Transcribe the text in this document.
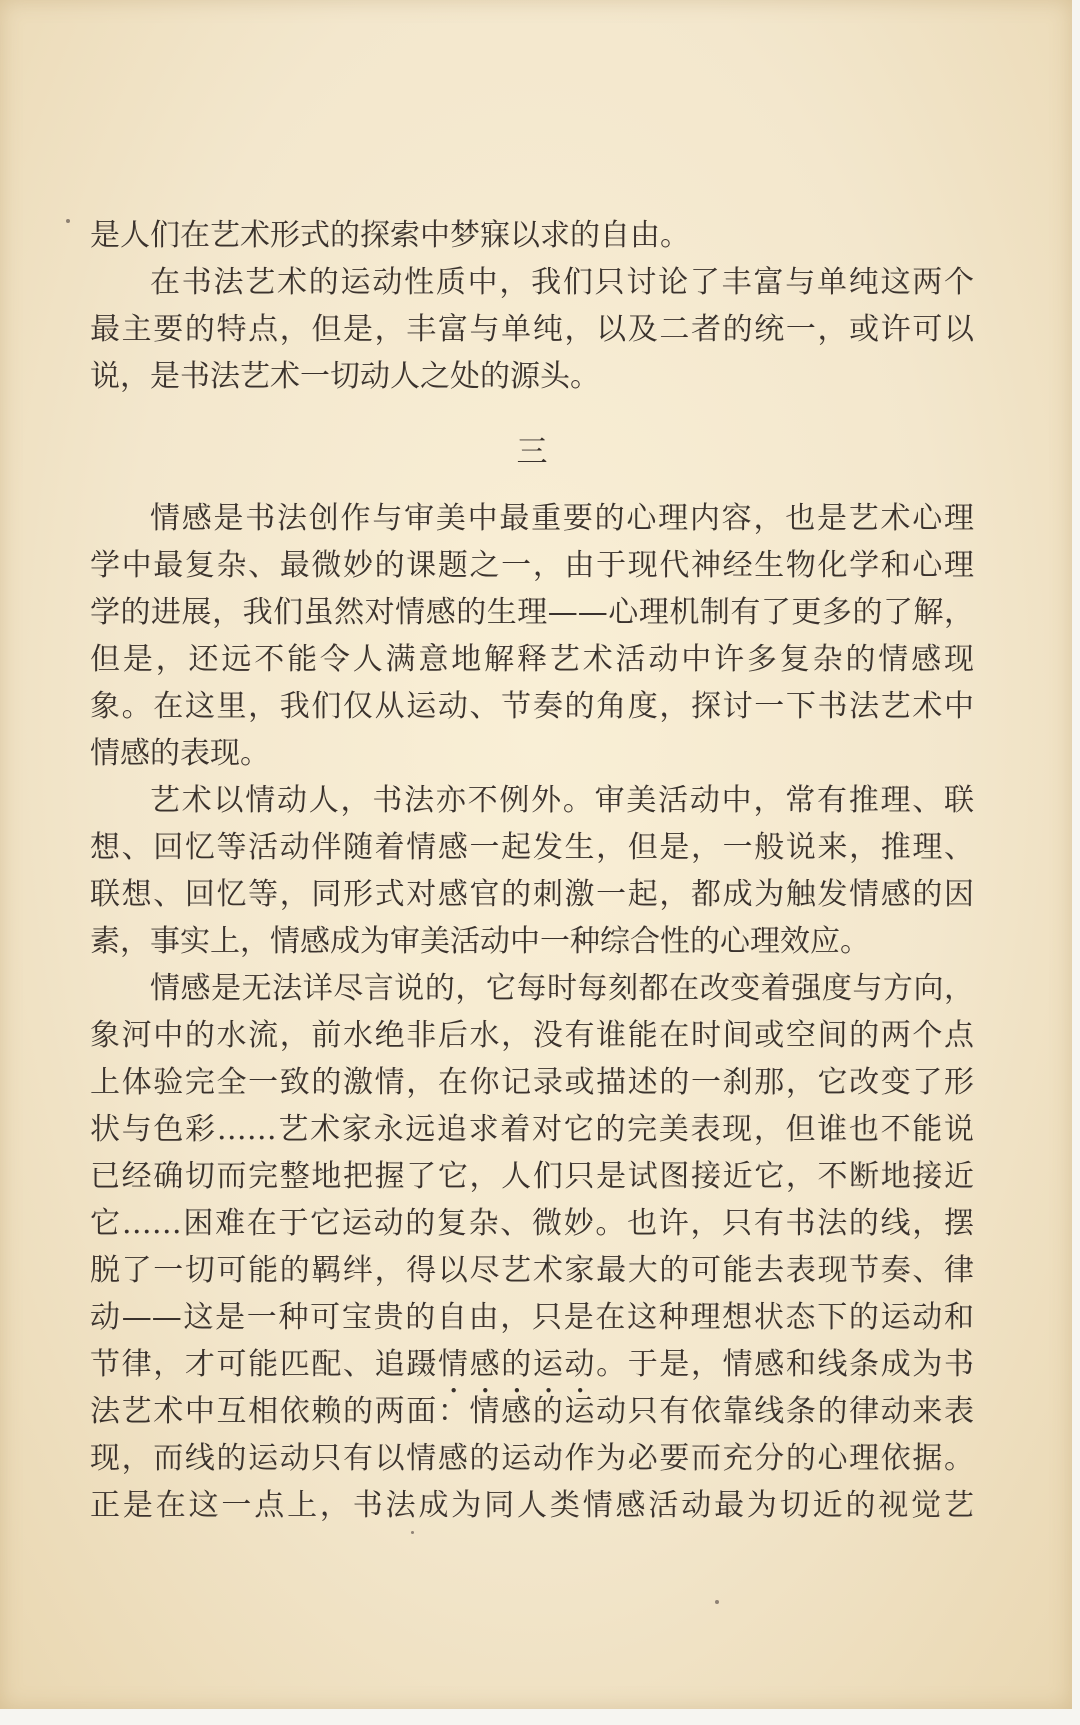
是人们在艺术形式的探索中梦寐以求的自由。
在书法艺术的运动性质中，我们只讨论了丰富与单纯这两个
最主要的特点，但是，丰富与单纯，以及二者的统一，或许可以
说，是书法艺术一切动人之处的源头。
三
情感是书法创作与审美中最重要的心理内容，也是艺术心理
学中最复杂、最微妙的课题之一，由于现代神经生物化学和心理
学的进展，我们虽然对情感的生理——心理机制有了更多的了解，
但是，还远不能令人满意地解释艺术活动中许多复杂的情感现
象。在这里，我们仅从运动、节奏的角度，探讨一下书法艺术中
情感的表现。
艺术以情动人，书法亦不例外。审美活动中，常有推理、联
想、回忆等活动伴随着情感一起发生，但是，一般说来，推理、
联想、回忆等，同形式对感官的刺激一起，都成为触发情感的因
素，事实上，情感成为审美活动中一种综合性的心理效应。
情感是无法详尽言说的，它每时每刻都在改变着强度与方向，
象河中的水流，前水绝非后水，没有谁能在时间或空间的两个点
上体验完全一致的激情，在你记录或描述的一刹那，它改变了形
状与色彩……艺术家永远追求着对它的完美表现，但谁也不能说
已经确切而完整地把握了它，人们只是试图接近它，不断地接近
它……困难在于它运动的复杂、微妙。也许，只有书法的线，摆
脱了一切可能的羁绊，得以尽艺术家最大的可能去表现节奏、律
动——这是一种可宝贵的自由，只是在这种理想状态下的运动和
节律，才可能匹配、追蹑情感的运动。于是，情感和线条成为书
法艺术中互相依赖的两面：情感的运动只有依靠线条的律动来表
现，而线的运动只有以情感的运动作为必要而充分的心理依据。
正是在这一点上，书法成为同人类情感活动最为切近的视觉艺
